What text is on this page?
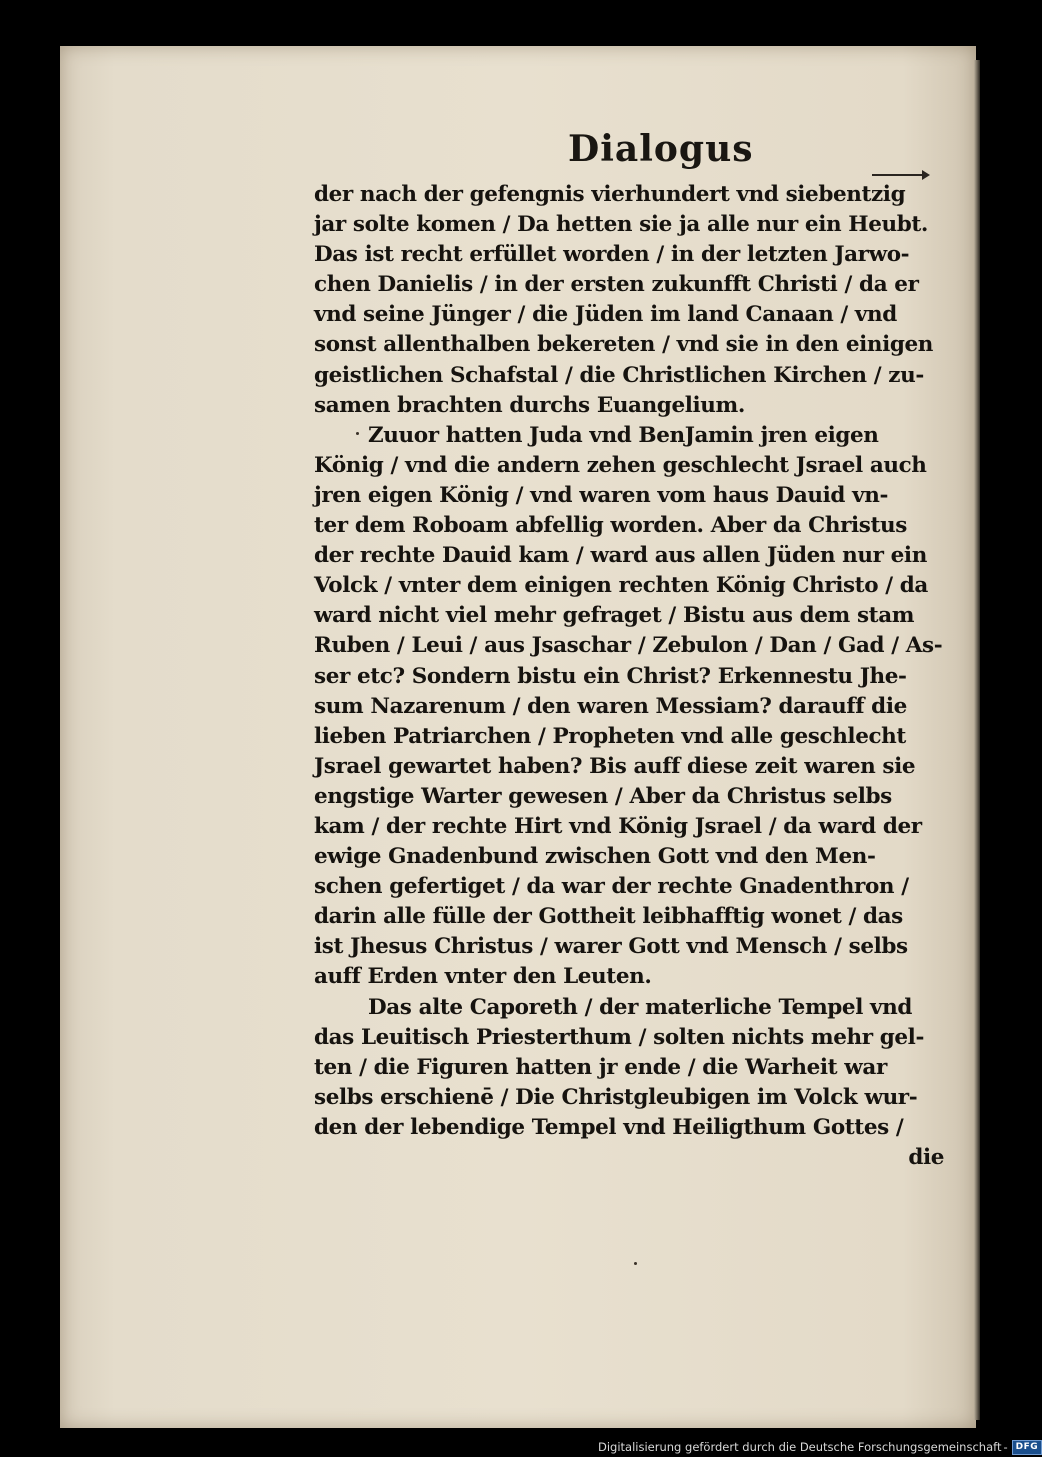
Dialogus
der nach der gefengnis vierhundert vnd siebentzig
jar solte komen / Da hetten sie ja alle nur ein Heubt.
Das ist recht erfüllet worden / in der letzten Jarwo-
chen Danielis / in der ersten zukunfft Christi / da er
vnd seine Jünger / die Jüden im land Canaan / vnd
sonst allenthalben bekereten / vnd sie in den einigen
geistlichen Schafstal / die Christlichen Kirchen / zu-
samen brachten durchs Euangelium.
Zuuor hatten Juda vnd BenJamin jren eigen
König / vnd die andern zehen geschlecht Jsrael auch
jren eigen König / vnd waren vom haus Dauid vn-
ter dem Roboam abfellig worden. Aber da Christus
der rechte Dauid kam / ward aus allen Jüden nur ein
Volck / vnter dem einigen rechten König Christo / da
ward nicht viel mehr gefraget / Bistu aus dem stam
Ruben / Leui / aus Jsaschar / Zebulon / Dan / Gad / As-
ser etc? Sondern bistu ein Christ? Erkennestu Jhe-
sum Nazarenum / den waren Messiam? darauff die
lieben Patriarchen / Propheten vnd alle geschlecht
Jsrael gewartet haben? Bis auff diese zeit waren sie
engstige Warter gewesen / Aber da Christus selbs
kam / der rechte Hirt vnd König Jsrael / da ward der
ewige Gnadenbund zwischen Gott vnd den Men-
schen gefertiget / da war der rechte Gnadenthron /
darin alle fülle der Gottheit leibhafftig wonet / das
ist Jhesus Christus / warer Gott vnd Mensch / selbs
auff Erden vnter den Leuten.
Das alte Caporeth / der materliche Tempel vnd
das Leuitisch Priesterthum / solten nichts mehr gel-
ten / die Figuren hatten jr ende / die Warheit war
selbs erschienē / Die Christgleubigen im Volck wur-
den der lebendige Tempel vnd Heiligthum Gottes /
die
Digitalisierung gefördert durch die Deutsche Forschungsgemeinschaft - DFG
